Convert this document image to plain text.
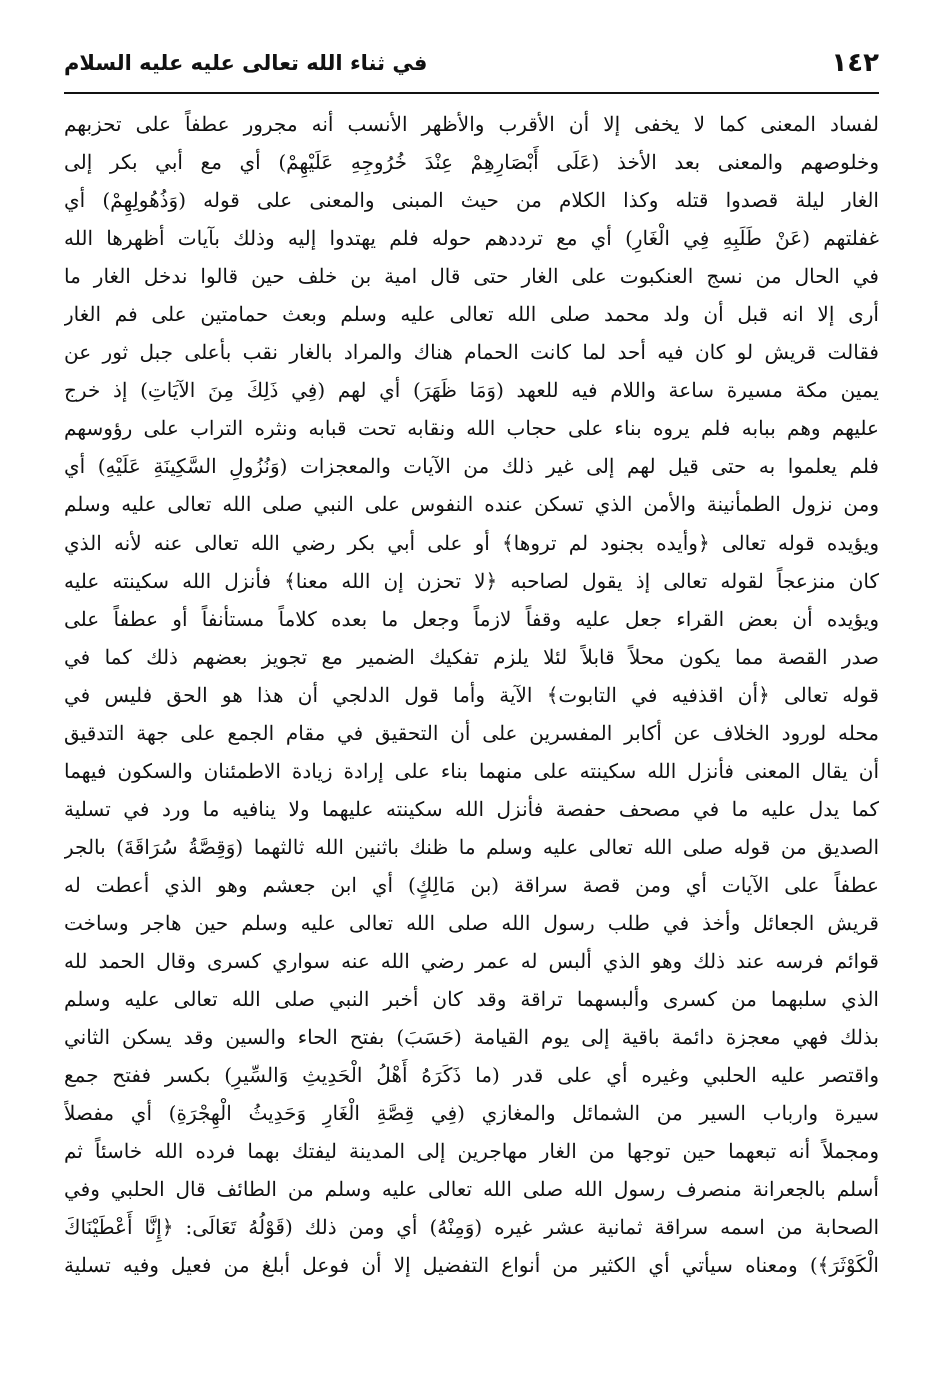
١٤٢
في ثناء الله تعالى عليه عليه السلام
لفساد المعنى كما لا يخفى إلا أن الأقرب والأظهر الأنسب أنه مجرور عطفاً على تحزبهم
وخلوصهم والمعنى بعد الأخذ (عَلَى أَبْصَارِهِمْ عِنْدَ خُرُوجِهِ عَلَيْهِمْ) أي مع أبي بكر إلى
الغار ليلة قصدوا قتله وكذا الكلام من حيث المبنى والمعنى على قوله (وَذُهُولِهِمْ) أي
غفلتهم (عَنْ طَلَبِهِ فِي الْغَارِ) أي مع ترددهم حوله فلم يهتدوا إليه وذلك بآيات أظهرها الله
في الحال من نسج العنكبوت على الغار حتى قال امية بن خلف حين قالوا ندخل الغار ما
أرى إلا انه قبل أن ولد محمد صلى الله تعالى عليه وسلم وبعث حمامتين على فم الغار
فقالت قريش لو كان فيه أحد لما كانت الحمام هناك والمراد بالغار نقب بأعلى جبل ثور عن
يمين مكة مسيرة ساعة واللام فيه للعهد (وَمَا ظَهَرَ) أي لهم (فِي ذَلِكَ مِنَ الآيَاتِ) إذ خرج
عليهم وهم ببابه فلم يروه بناء على حجاب الله ونقابه تحت قبابه ونثره التراب على رؤوسهم
فلم يعلموا به حتى قيل لهم إلى غير ذلك من الآيات والمعجزات (وَنُزُولِ السَّكِينَةِ عَلَيْهِ) أي
ومن نزول الطمأنينة والأمن الذي تسكن عنده النفوس على النبي صلى الله تعالى عليه وسلم
ويؤيده قوله تعالى ﴿وأيده بجنود لم تروها﴾ أو على أبي بكر رضي الله تعالى عنه لأنه الذي
كان منزعجاً لقوله تعالى إذ يقول لصاحبه ﴿لا تحزن إن الله معنا﴾ فأنزل الله سكينته عليه
ويؤيده أن بعض القراء جعل عليه وقفاً لازماً وجعل ما بعده كلاماً مستأنفاً أو عطفاً على
صدر القصة مما يكون محلاً قابلاً لئلا يلزم تفكيك الضمير مع تجويز بعضهم ذلك كما في
قوله تعالى ﴿أن اقذفيه في التابوت﴾ الآية وأما قول الدلجي أن هذا هو الحق فليس في
محله لورود الخلاف عن أكابر المفسرين على أن التحقيق في مقام الجمع على جهة التدقيق
أن يقال المعنى فأنزل الله سكينته على منهما بناء على إرادة زيادة الاطمئنان والسكون فيهما
كما يدل عليه ما في مصحف حفصة فأنزل الله سكينته عليهما ولا ينافيه ما ورد في تسلية
الصديق من قوله صلى الله تعالى عليه وسلم ما ظنك باثنين الله ثالثهما (وَقِصَّةُ سُرَاقَةَ) بالجر
عطفاً على الآيات أي ومن قصة سراقة (بن مَالِكٍ) أي ابن جعشم وهو الذي أعطت له
قريش الجعائل وأخذ في طلب رسول الله صلى الله تعالى عليه وسلم حين هاجر وساخت
قوائم فرسه عند ذلك وهو الذي ألبس له عمر رضي الله عنه سواري كسرى وقال الحمد لله
الذي سلبهما من كسرى وألبسهما تراقة وقد كان أخبر النبي صلى الله تعالى عليه وسلم
بذلك فهي معجزة دائمة باقية إلى يوم القيامة (حَسَبَ) بفتح الحاء والسين وقد يسكن الثاني
واقتصر عليه الحلبي وغيره أي على قدر (ما ذَكَرَهُ أَهْلُ الْحَدِيثِ وَالسِّيرِ) بكسر ففتح جمع
سيرة وارباب السير من الشمائل والمغازي (فِي قِصَّةِ الْغَارِ وَحَدِيثُ الْهِجْرَةِ) أي مفصلاً
ومجملاً أنه تبعهما حين توجها من الغار مهاجرين إلى المدينة ليفتك بهما فرده الله خاسئاً ثم
أسلم بالجعرانة منصرف رسول الله صلى الله تعالى عليه وسلم من الطائف قال الحلبي وفي
الصحابة من اسمه سراقة ثمانية عشر غيره (وَمِنْهُ) أي ومن ذلك (قَوْلُهُ تَعَالَى: ﴿إِنَّا أَعْطَيْنَاكَ
الْكَوْثَرَ﴾) ومعناه سيأتي أي الكثير من أنواع التفضيل إلا أن فوعل أبلغ من فعيل وفيه تسلية
